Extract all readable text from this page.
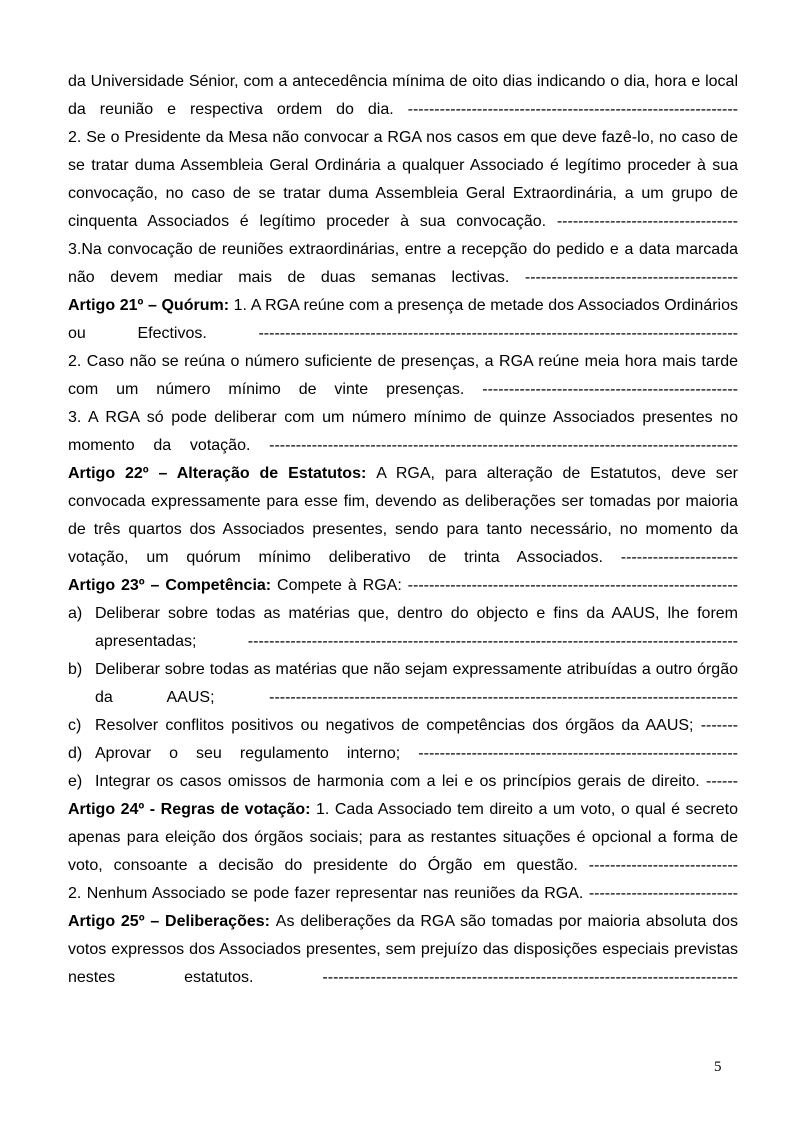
da Universidade Sénior, com a antecedência mínima de oito dias indicando o dia, hora e local da reunião e respectiva ordem do dia. --------------------------------------------------------------

2. Se o Presidente da Mesa não convocar a RGA nos casos em que deve fazê-lo, no caso de se tratar duma Assembleia Geral Ordinária a qualquer Associado é legítimo proceder à sua convocação, no caso de se tratar duma Assembleia Geral Extraordinária, a um grupo de cinquenta Associados é legítimo proceder à sua convocação. ----------------------------------

3.Na convocação de reuniões extraordinárias, entre a recepção do pedido e a data marcada não devem mediar mais de duas semanas lectivas. ----------------------------------------

Artigo 21º – Quórum: 1. A RGA reúne com a presença de metade dos Associados Ordinários ou Efectivos. ------------------------------------------------------------------------------------------

2. Caso não se reúna o número suficiente de presenças, a RGA reúne meia hora mais tarde com um número mínimo de vinte presenças. ------------------------------------------------

3. A RGA só pode deliberar com um número mínimo de quinze Associados presentes no momento da votação. ----------------------------------------------------------------------------------------

Artigo 22º – Alteração de Estatutos: A RGA, para alteração de Estatutos, deve ser convocada expressamente para esse fim, devendo as deliberações ser tomadas por maioria de três quartos dos Associados presentes, sendo para tanto necessário, no momento da votação, um quórum mínimo deliberativo de trinta Associados. ----------------------

Artigo 23º – Competência: Compete à RGA: --------------------------------------------------------------

a) Deliberar sobre todas as matérias que, dentro do objecto e fins da AAUS, lhe forem apresentadas; --------------------------------------------------------------------------------------------
b) Deliberar sobre todas as matérias que não sejam expressamente atribuídas a outro órgão da AAUS; ----------------------------------------------------------------------------------------
c) Resolver conflitos positivos ou negativos de competências dos órgãos da AAUS; -------
d) Aprovar o seu regulamento interno; ------------------------------------------------------------
e) Integrar os casos omissos de harmonia com a lei e os princípios gerais de direito. ------

Artigo 24º - Regras de votação: 1. Cada Associado tem direito a um voto, o qual é secreto apenas para eleição dos órgãos sociais; para as restantes situações é opcional a forma de voto, consoante a decisão do presidente do Órgão em questão. ----------------------------

2. Nenhum Associado se pode fazer representar nas reuniões da RGA. ----------------------------

Artigo 25º – Deliberações: As deliberações da RGA são tomadas por maioria absoluta dos votos expressos dos Associados presentes, sem prejuízo das disposições especiais previstas nestes estatutos. ------------------------------------------------------------------------------

5
